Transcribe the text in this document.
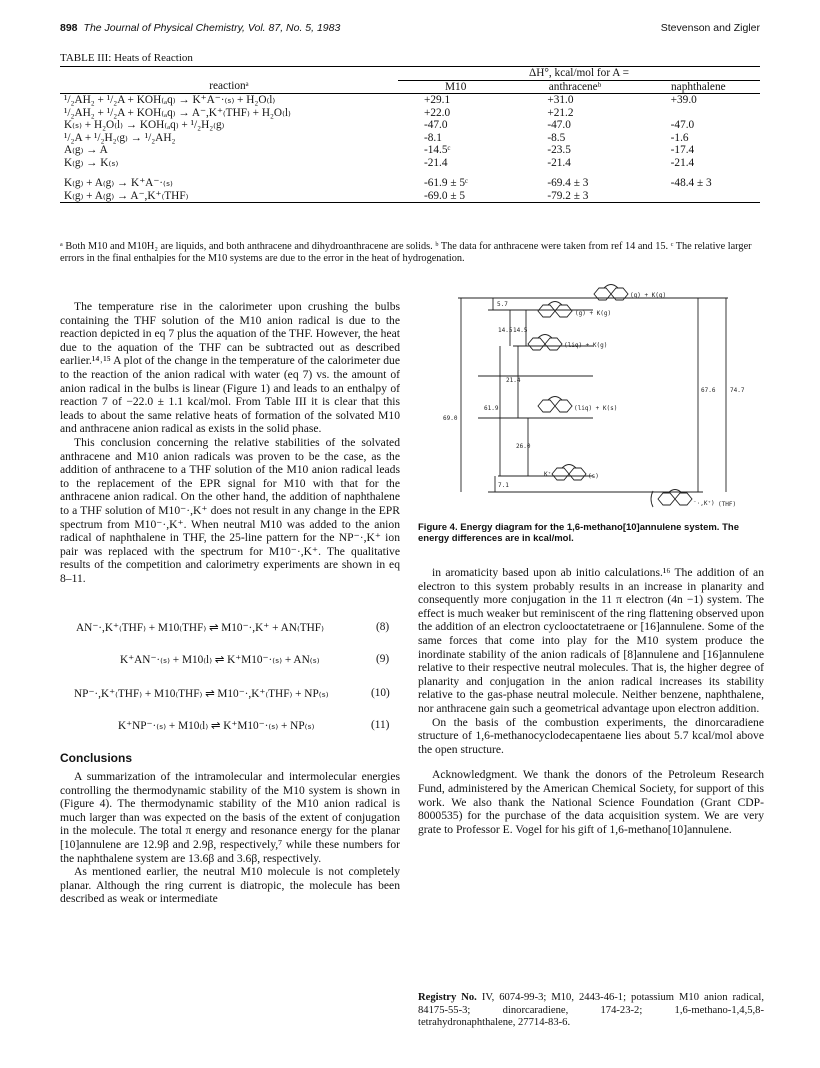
898 The Journal of Physical Chemistry, Vol. 87, No. 5, 1983	Stevenson and Zigler
TABLE III: Heats of Reaction
	ΔH°, kcal/mol for A =		
reactionᵃ	M10	anthraceneᵇ	naphthalene
¹/₂AH₂ + ¹/₂A + KOH₍ₐq₎ → K⁺A⁻·₍ₛ₎ + H₂O₍l₎	+29.1	+31.0	+39.0
¹/₂AH₂ + ¹/₂A + KOH₍ₐq₎ → A⁻,K⁺₍THF₎ + H₂O₍l₎	+22.0	+21.2	
K₍ₛ₎ + H₂O₍l₎ → KOH₍ₐq₎ + ¹/₂H₂₍g₎	-47.0	-47.0	-47.0
¹/₂A + ¹/₂H₂₍g₎ → ¹/₂AH₂	-8.1	-8.5	-1.6
A₍g₎ → A	-14.5ᶜ	-23.5	-17.4
K₍g₎ → K₍ₛ₎	-21.4	-21.4	-21.4
K₍g₎ + A₍g₎ → K⁺A⁻·₍ₛ₎	-61.9 ± 5ᶜ	-69.4 ± 3	-48.4 ± 3
K₍g₎ + A₍g₎ → A⁻,K⁺₍THF₎	-69.0 ± 5	-79.2 ± 3	
ᵃ Both M10 and M10H₂ are liquids, and both anthracene and dihydroanthracene are solids. ᵇ The data for anthracene were taken from ref 14 and 15. ᶜ The relative larger errors in the final enthalpies for the M10 systems are due to the error in the heat of hydrogenation.

The temperature rise in the calorimeter upon crushing the bulbs containing the THF solution of the M10 anion radical is due to the reaction depicted in eq 7 plus the aquation of the THF. However, the heat due to the aquation of the THF can be subtracted out as described earlier.¹⁴˒¹⁵ A plot of the change in the temperature of the calorimeter due to the reaction of the anion radical with water (eq 7) vs. the amount of anion radical in the bulbs is linear (Figure 1) and leads to an enthalpy of reaction 7 of −22.0 ± 1.1 kcal/mol. From Table III it is clear that this leads to about the same relative heats of formation of the solvated M10 and anthracene anion radical as exists in the solid phase.

This conclusion concerning the relative stabilities of the solvated anthracene and M10 anion radicals was proven to be the case, as the addition of anthracene to a THF solution of the M10 anion radical leads to the replacement of the EPR signal for M10 with that for the anthracene anion radical. On the other hand, the addition of naphthalene to a THF solution of M10⁻·,K⁺ does not result in any change in the EPR spectrum from M10⁻·,K⁺. When neutral M10 was added to the anion radical of naphthalene in THF, the 25-line pattern for the NP⁻·,K⁺ ion pair was replaced with the spectrum for M10⁻·,K⁺. The qualitative results of the competition and calorimetry experiments are shown in eq 8–11.

AN⁻·,K⁺₍THF₎ + M10₍THF₎ ⇌ M10⁻·,K⁺ + AN₍THF₎	(8)
K⁺AN⁻·₍ₛ₎ + M10₍l₎ ⇌ K⁺M10⁻·₍ₛ₎ + AN₍ₛ₎	(9)
NP⁻·,K⁺₍THF₎ + M10₍THF₎ ⇌ M10⁻·,K⁺₍THF₎ + NP₍ₛ₎	(10)
K⁺NP⁻·₍ₛ₎ + M10₍l₎ ⇌ K⁺M10⁻·₍ₛ₎ + NP₍ₛ₎	(11)
Conclusions

A summarization of the intramolecular and intermolecular energies controlling the thermodynamic stability of the M10 system is shown in (Figure 4). The thermodynamic stability of the M10 anion radical is much larger than was expected on the basis of the extent of conjugation in the molecule. The total π energy and resonance energy for the planar [10]annulene are 12.9β and 2.9β, respectively,⁷ while these numbers for the naphthalene system are 13.6β and 3.6β, respectively.

As mentioned earlier, the neutral M10 molecule is not completely planar. Although the ring current is diatropic, the molecule has been described as weak or intermediate

(g) + K(g)
(g) + K(g)
(liq) + K(g)
(liq) + K(s)
(s)
K⁺
⁻·,K⁺) (THF)
5.7
14.5 14.5
21.4
61.9
69.0
26.0
7.1
67.6 74.7
Figure 4. Energy diagram for the 1,6-methano[10]annulene system. The energy differences are in kcal/mol.

in aromaticity based upon ab initio calculations.¹⁶ The addition of an electron to this system probably results in an increase in planarity and consequently more conjugation in the 11 π electron (4n −1) system. The effect is much weaker but reminiscent of the ring flattening observed upon the addition of an electron cyclooctatetraene or [16]annulene. Some of the same forces that come into play for the M10 system produce the inordinate stability of the anion radicals of [8]annulene and [16]annulene relative to their respective neutral molecules. That is, the higher degree of planarity and conjugation in the anion radical increases its stability relative to the gas-phase neutral molecule. Neither benzene, naphthalene, nor anthracene gain such a geometrical advantage upon electron addition.

On the basis of the combustion experiments, the dinorcaradiene structure of 1,6-methanocyclodecapentaene lies about 5.7 kcal/mol above the open structure.

Acknowledgment. We thank the donors of the Petroleum Research Fund, administered by the American Chemical Society, for support of this work. We also thank the National Science Foundation (Grant CDP-8000535) for the purchase of the data acquisition system. We are very grate to Professor E. Vogel for his gift of 1,6-methano[10]annulene.

Registry No. IV, 6074-99-3; M10, 2443-46-1; potassium M10 anion radical, 84175-55-3; dinorcaradiene, 174-23-2; 1,6-methano-1,4,5,8-tetrahydronaphthalene, 27714-83-6.
